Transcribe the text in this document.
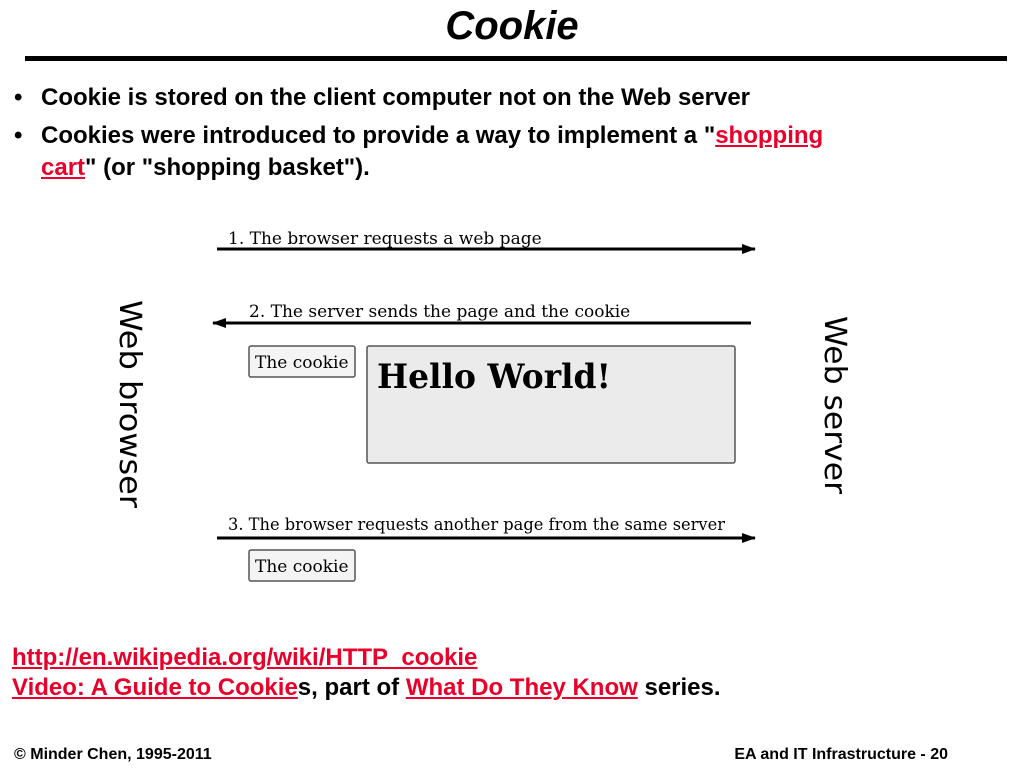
Cookie
• Cookie is stored on the client computer not on the Web server
• Cookies were introduced to provide a way to implement a "shopping
cart" (or "shopping basket").
1. The browser requests a web page
2. The server sends the page and the cookie
The cookie Hello World!
3. The browser requests another page from the same server
The cookie
Web browser	Web server
http://en.wikipedia.org/wiki/HTTP_cookie
Video: A Guide to Cookies, part of What Do They Know series.
© Minder Chen, 1995-2011	EA and IT Infrastructure - 20
